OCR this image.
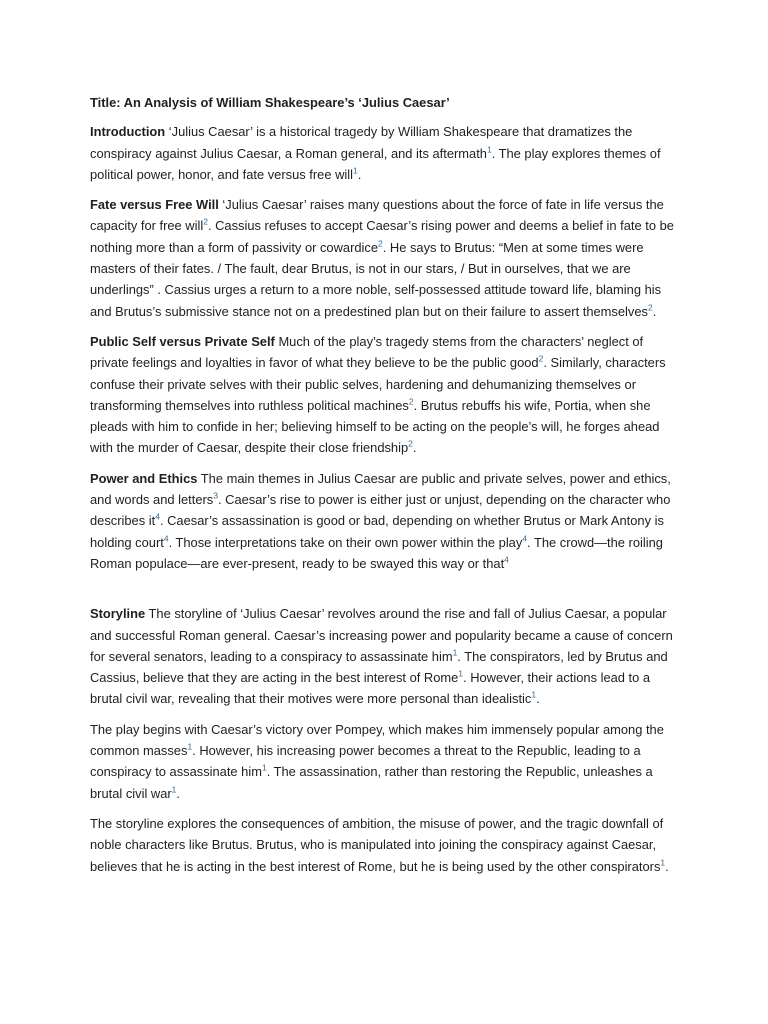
Title: An Analysis of William Shakespeare’s ‘Julius Caesar’

Introduction ‘Julius Caesar’ is a historical tragedy by William Shakespeare that dramatizes the conspiracy against Julius Caesar, a Roman general, and its aftermath$^1$. The play explores themes of political power, honor, and fate versus free will$^1$.

Fate versus Free Will ‘Julius Caesar’ raises many questions about the force of fate in life versus the capacity for free will$^2$. Cassius refuses to accept Caesar’s rising power and deems a belief in fate to be nothing more than a form of passivity or cowardice$^2$. He says to Brutus: “Men at some times were masters of their fates. / The fault, dear Brutus, is not in our stars, / But in ourselves, that we are underlings” . Cassius urges a return to a more noble, self-possessed attitude toward life, blaming his and Brutus’s submissive stance not on a predestined plan but on their failure to assert themselves$^2$.

Public Self versus Private Self Much of the play’s tragedy stems from the characters’ neglect of private feelings and loyalties in favor of what they believe to be the public good$^2$. Similarly, characters confuse their private selves with their public selves, hardening and dehumanizing themselves or transforming themselves into ruthless political machines$^2$. Brutus rebuffs his wife, Portia, when she pleads with him to confide in her; believing himself to be acting on the people’s will, he forges ahead with the murder of Caesar, despite their close friendship$^2$.

Power and Ethics The main themes in Julius Caesar are public and private selves, power and ethics, and words and letters$^3$. Caesar’s rise to power is either just or unjust, depending on the character who describes it$^4$. Caesar’s assassination is good or bad, depending on whether Brutus or Mark Antony is holding court$^4$. Those interpretations take on their own power within the play$^4$. The crowd—the roiling Roman populace—are ever-present, ready to be swayed this way or that$^4$

Storyline The storyline of ‘Julius Caesar’ revolves around the rise and fall of Julius Caesar, a popular and successful Roman general. Caesar’s increasing power and popularity became a cause of concern for several senators, leading to a conspiracy to assassinate him$^1$. The conspirators, led by Brutus and Cassius, believe that they are acting in the best interest of Rome$^1$. However, their actions lead to a brutal civil war, revealing that their motives were more personal than idealistic$^1$.

The play begins with Caesar’s victory over Pompey, which makes him immensely popular among the common masses$^1$. However, his increasing power becomes a threat to the Republic, leading to a conspiracy to assassinate him$^1$. The assassination, rather than restoring the Republic, unleashes a brutal civil war$^1$.

The storyline explores the consequences of ambition, the misuse of power, and the tragic downfall of noble characters like Brutus. Brutus, who is manipulated into joining the conspiracy against Caesar, believes that he is acting in the best interest of Rome, but he is being used by the other conspirators$^1$.
